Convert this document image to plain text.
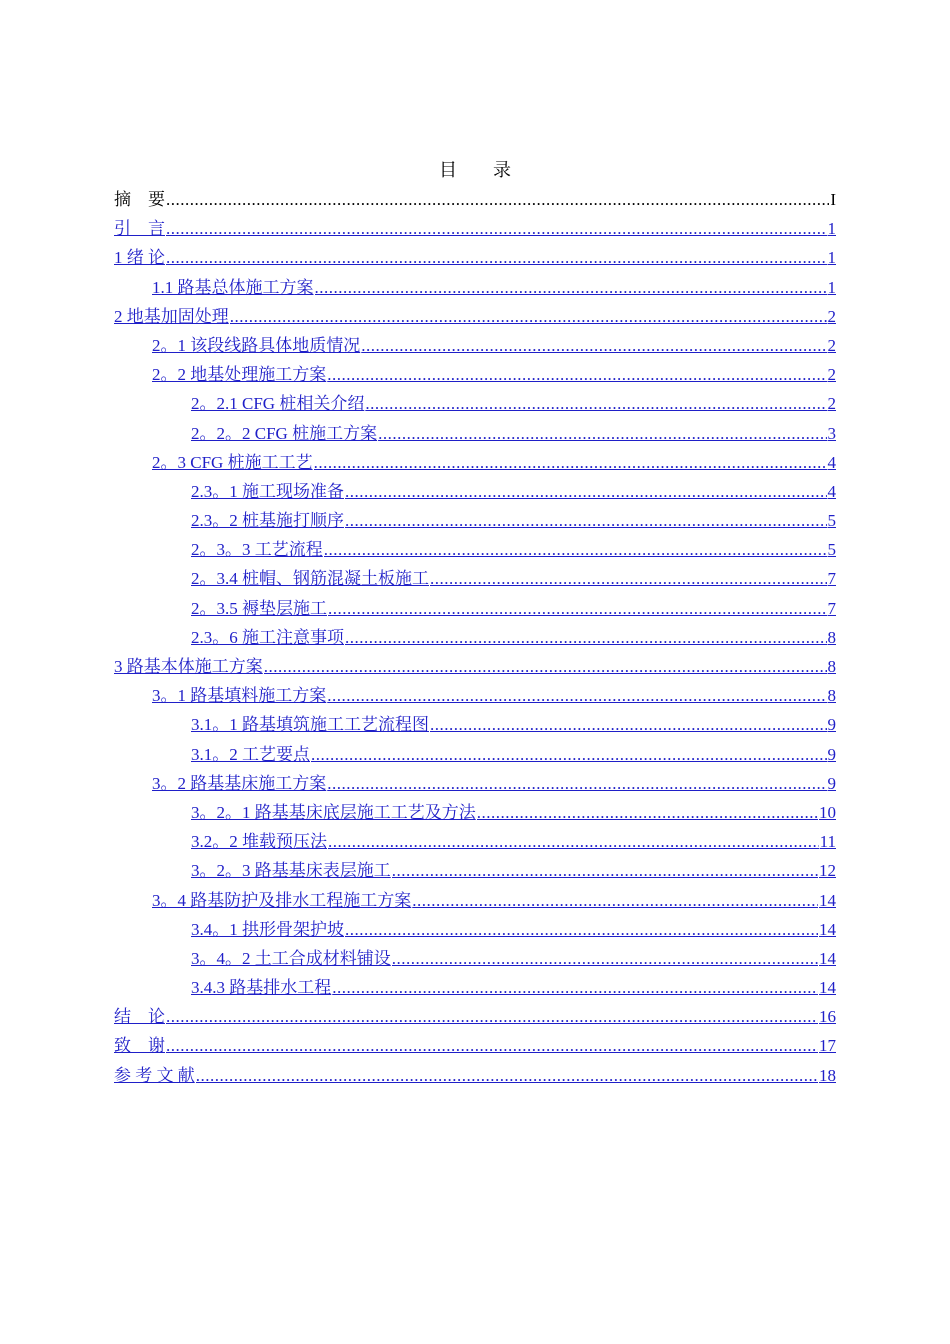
目　　录
摘　要 .....	I
引　言 .....	1
1 绪 论 .....	1
1.1 路基总体施工方案 .....	1
2 地基加固处理 .....	2
2。1 该段线路具体地质情况 .....	2
2。2 地基处理施工方案 .....	2
2。2.1 CFG 桩相关介绍 .....	2
2。2。2 CFG 桩施工方案 .....	3
2。3 CFG 桩施工工艺 .....	4
2.3。1 施工现场准备 .....	4
2.3。2 桩基施打顺序 .....	5
2。3。3 工艺流程 .....	5
2。3.4 桩帽、钢筋混凝土板施工 .....	7
2。3.5 褥垫层施工 .....	7
2.3。6 施工注意事项 .....	8
3 路基本体施工方案 .....	8
3。1 路基填料施工方案 .....	8
3.1。1 路基填筑施工工艺流程图 .....	9
3.1。2 工艺要点 .....	9
3。2 路基基床施工方案 .....	9
3。2。1 路基基床底层施工工艺及方法 .....	10
3.2。2 堆载预压法 .....	11
3。2。3 路基基床表层施工 .....	12
3。4 路基防护及排水工程施工方案 .....	14
3.4。1 拱形骨架护坡 .....	14
3。4。2 土工合成材料铺设 .....	14
3.4.3 路基排水工程 .....	14
结　论 .....	16
致　谢 .....	17
参 考 文 献 .....	18
